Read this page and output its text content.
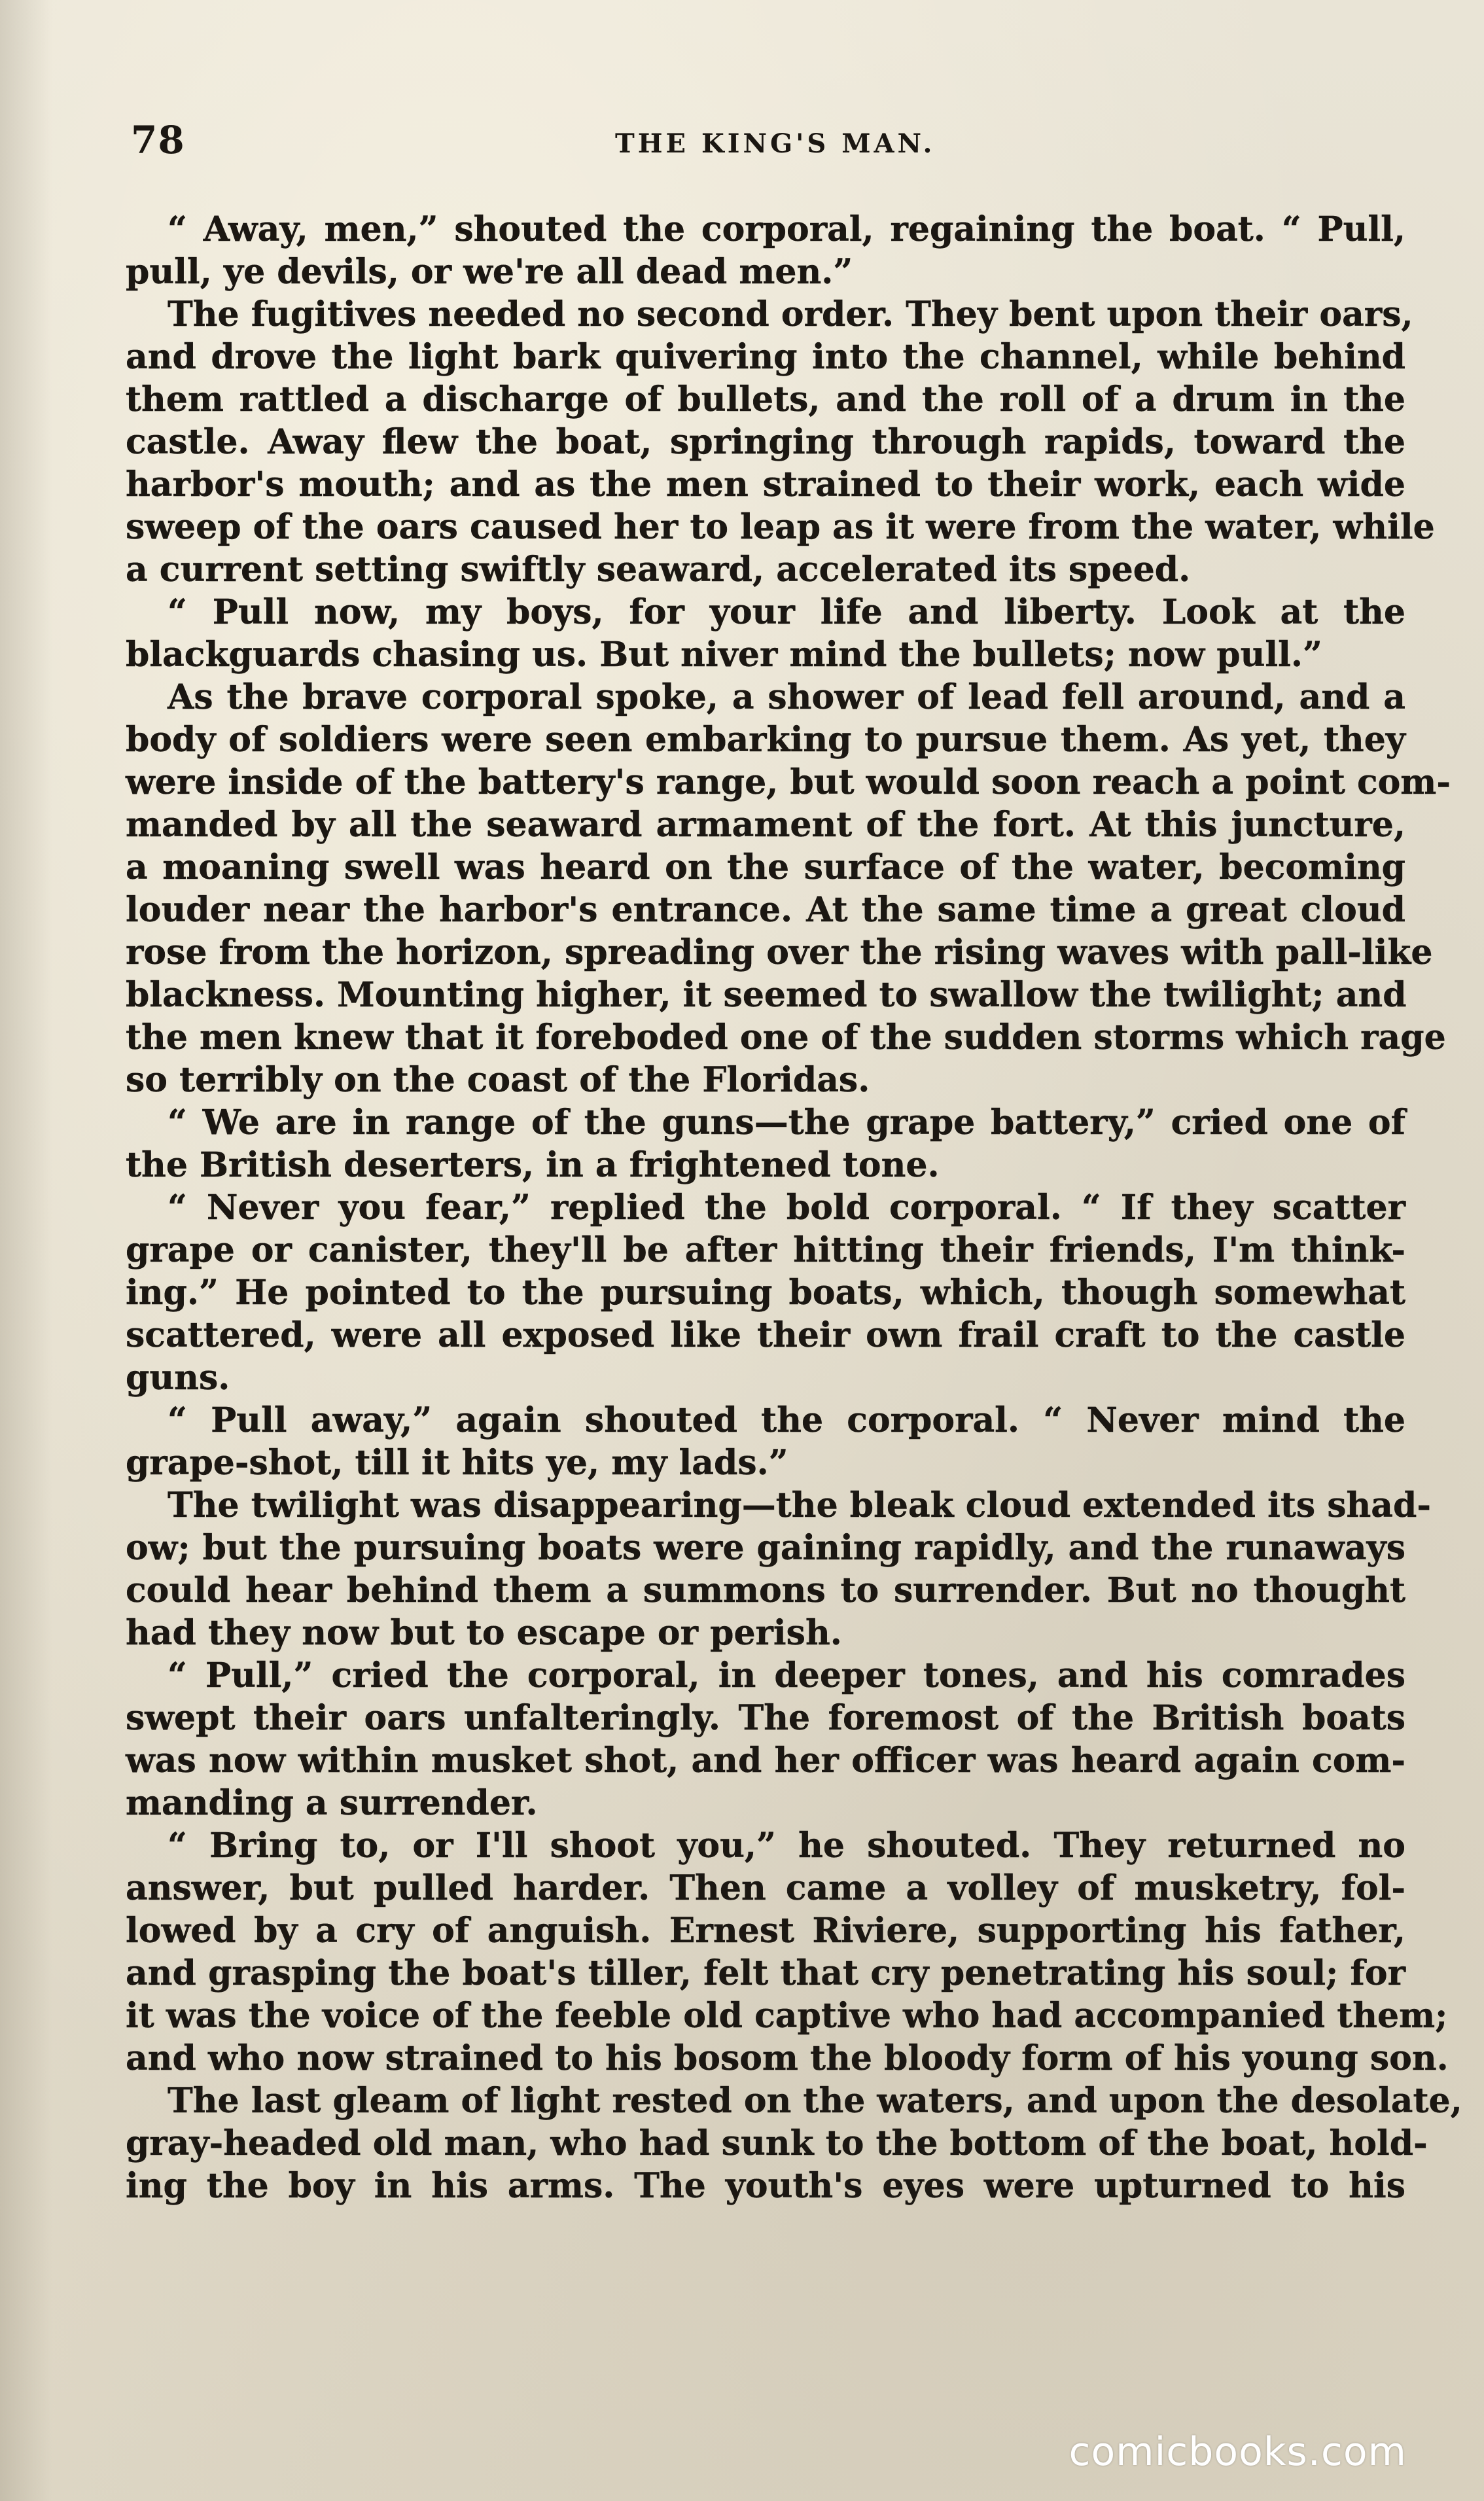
78	THE KING'S MAN.
“ Away, men,” shouted the corporal, regaining the boat. “ Pull,
pull, ye devils, or we're all dead men.”
The fugitives needed no second order. They bent upon their oars,
and drove the light bark quivering into the channel, while behind
them rattled a discharge of bullets, and the roll of a drum in the
castle. Away flew the boat, springing through rapids, toward the
harbor's mouth; and as the men strained to their work, each wide
sweep of the oars caused her to leap as it were from the water, while
a current setting swiftly seaward, accelerated its speed.
“ Pull now, my boys, for your life and liberty. Look at the
blackguards chasing us. But niver mind the bullets; now pull.”
As the brave corporal spoke, a shower of lead fell around, and a
body of soldiers were seen embarking to pursue them. As yet, they
were inside of the battery's range, but would soon reach a point com-
manded by all the seaward armament of the fort. At this juncture,
a moaning swell was heard on the surface of the water, becoming
louder near the harbor's entrance. At the same time a great cloud
rose from the horizon, spreading over the rising waves with pall-like
blackness. Mounting higher, it seemed to swallow the twilight; and
the men knew that it foreboded one of the sudden storms which rage
so terribly on the coast of the Floridas.
“ We are in range of the guns—the grape battery,” cried one of
the British deserters, in a frightened tone.
“ Never you fear,” replied the bold corporal. “ If they scatter
grape or canister, they'll be after hitting their friends, I'm think-
ing.” He pointed to the pursuing boats, which, though somewhat
scattered, were all exposed like their own frail craft to the castle
guns.
“ Pull away,” again shouted the corporal. “ Never mind the
grape-shot, till it hits ye, my lads.”
The twilight was disappearing—the bleak cloud extended its shad-
ow; but the pursuing boats were gaining rapidly, and the runaways
could hear behind them a summons to surrender. But no thought
had they now but to escape or perish.
“ Pull,” cried the corporal, in deeper tones, and his comrades
swept their oars unfalteringly. The foremost of the British boats
was now within musket shot, and her officer was heard again com-
manding a surrender.
“ Bring to, or I'll shoot you,” he shouted. They returned no
answer, but pulled harder. Then came a volley of musketry, fol-
lowed by a cry of anguish. Ernest Riviere, supporting his father,
and grasping the boat's tiller, felt that cry penetrating his soul; for
it was the voice of the feeble old captive who had accompanied them;
and who now strained to his bosom the bloody form of his young son.
The last gleam of light rested on the waters, and upon the desolate,
gray-headed old man, who had sunk to the bottom of the boat, hold-
ing the boy in his arms. The youth's eyes were upturned to his
comicbooks.com
